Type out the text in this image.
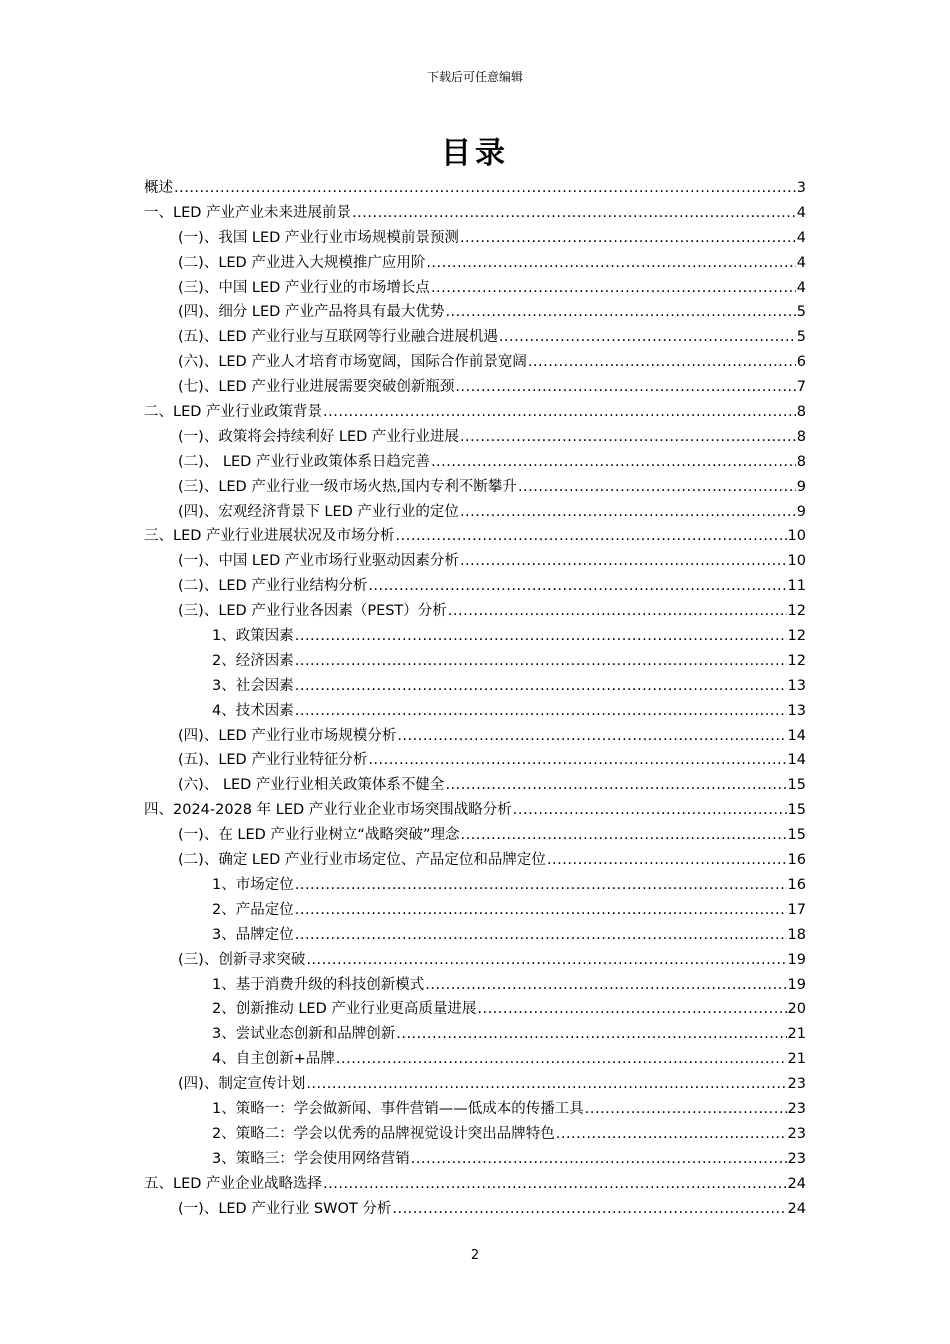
下载后可任意编辑
目录
概述 .....	3
一、LED 产业产业未来进展前景 .....	4
(一)、我国 LED 产业行业市场规模前景预测 .....	4
(二)、LED 产业进入大规模推广应用阶 .....	4
(三)、中国 LED 产业行业的市场增长点 .....	4
(四)、细分 LED 产业产品将具有最大优势 .....	5
(五)、LED 产业行业与互联网等行业融合进展机遇 .....	5
(六)、LED 产业人才培育市场宽阔，国际合作前景宽阔 .....	6
(七)、LED 产业行业进展需要突破创新瓶颈 .....	7
二、LED 产业行业政策背景 .....	8
(一)、政策将会持续利好 LED 产业行业进展 .....	8
(二)、 LED 产业行业政策体系日趋完善 .....	8
(三)、LED 产业行业一级市场火热,国内专利不断攀升 .....	9
(四)、宏观经济背景下 LED 产业行业的定位 .....	9
三、LED 产业行业进展状况及市场分析 .....	10
(一)、中国 LED 产业市场行业驱动因素分析 .....	10
(二)、LED 产业行业结构分析 .....	11
(三)、LED 产业行业各因素（PEST）分析 .....	12
1、政策因素 .....	12
2、经济因素 .....	12
3、社会因素 .....	13
4、技术因素 .....	13
(四)、LED 产业行业市场规模分析 .....	14
(五)、LED 产业行业特征分析 .....	14
(六)、 LED 产业行业相关政策体系不健全 .....	15
四、2024-2028 年 LED 产业行业企业市场突围战略分析 .....	15
(一)、在 LED 产业行业树立“战略突破”理念 .....	15
(二)、确定 LED 产业行业市场定位、产品定位和品牌定位 .....	16
1、市场定位 .....	16
2、产品定位 .....	17
3、品牌定位 .....	18
(三)、创新寻求突破 .....	19
1、基于消费升级的科技创新模式 .....	19
2、创新推动 LED 产业行业更高质量进展 .....	20
3、尝试业态创新和品牌创新 .....	21
4、自主创新+品牌 .....	21
(四)、制定宣传计划 .....	23
1、策略一：学会做新闻、事件营销——低成本的传播工具 .....	23
2、策略二：学会以优秀的品牌视觉设计突出品牌特色 .....	23
3、策略三：学会使用网络营销 .....	23
五、LED 产业企业战略选择 .....	24
(一)、LED 产业行业 SWOT 分析 .....	24
2
